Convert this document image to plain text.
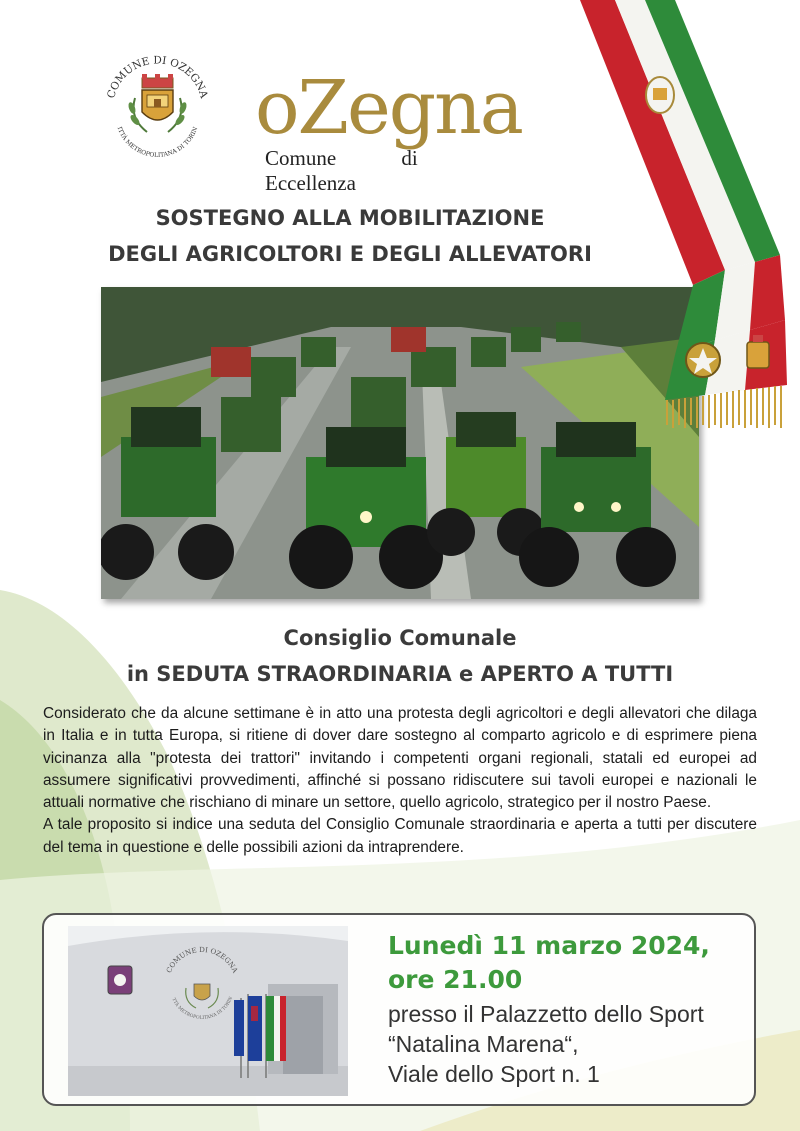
COMUNE DI OZEGNA
ITTÀ METROPOLITANA DI TORIN oZegna
Comune di Eccellenza
SOSTEGNO ALLA MOBILITAZIONE
DEGLI AGRICOLTORI E DEGLI ALLEVATORI
Consiglio Comunale
in SEDUTA STRAORDINARIA e APERTO A TUTTI

Considerato che da alcune settimane è in atto una protesta degli agricoltori e degli allevatori che dilaga in Italia e in tutta Europa, si ritiene di dover dare sostegno al comparto agricolo e di esprimere piena vicinanza alla "protesta dei trattori" invitando i competenti organi regionali, statali ed europei ad assumere significativi provvedimenti, affinché si possano ridiscutere sui tavoli europei e nazionali le attuali normative che rischiano di minare un settore, quello agricolo, strategico per il nostro Paese.

A tale proposito si indice una seduta del Consiglio Comunale straordinaria e aperta a tutti per discutere del tema in questione e delle possibili azioni da intraprendere.

COMUNE DI OZEGNA
TTÀ METROPOLITANA DI TORIN
Lunedì 11 marzo 2024,
ore 21.00
presso il Palazzetto dello Sport
“Natalina Marena“,
Viale dello Sport n. 1
